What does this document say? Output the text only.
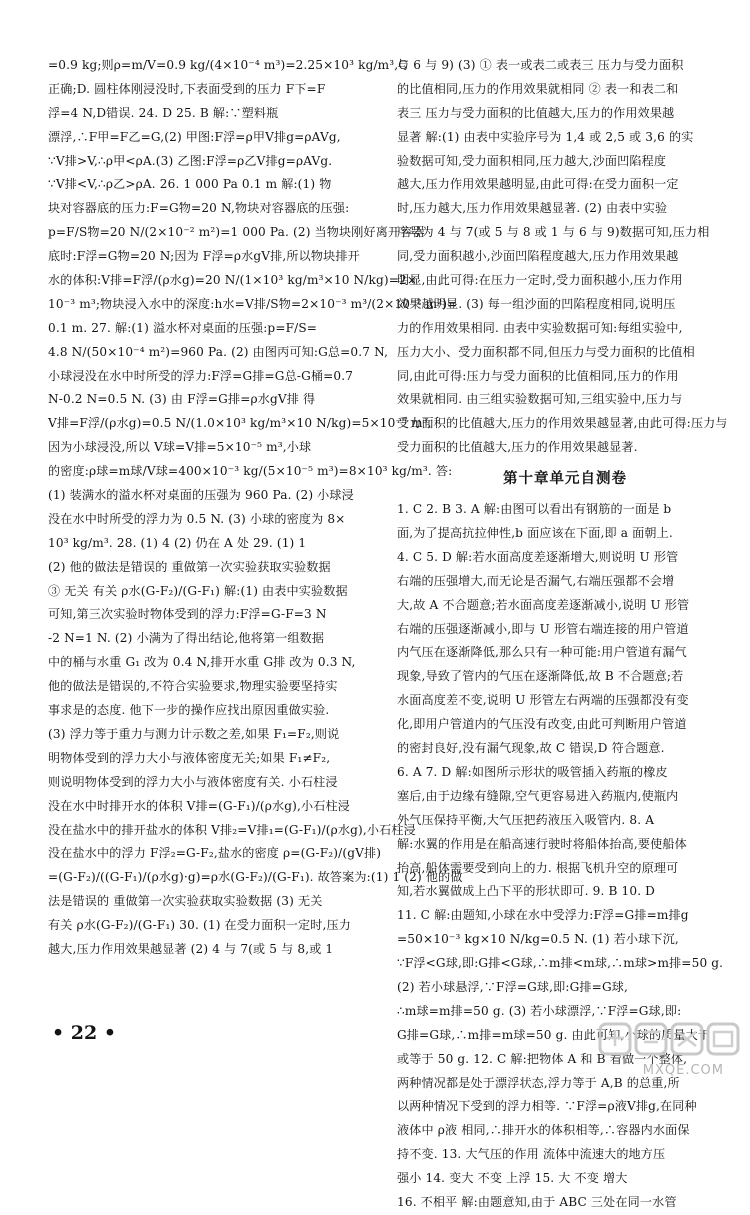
=0.9 kg;则ρ=m/V=0.9 kg/(4×10⁻⁴ m³)=2.25×10³ kg/m³,C
正确;D. 圆柱体刚浸没时,下表面受到的压力 F下=F
浮=4 N,D错误. 24. D 25. B 解:∵塑料瓶
漂浮,∴F甲=F乙=G,(2) 甲图:F浮=ρ甲V排g=ρAVg,
∵V排>V,∴ρ甲<ρA.(3) 乙图:F浮=ρ乙V排g=ρAVg.
∵V排<V,∴ρ乙>ρA. 26. 1 000 Pa 0.1 m 解:(1) 物
块对容器底的压力:F=G物=20 N,物块对容器底的压强:
p=F/S物=20 N/(2×10⁻² m²)=1 000 Pa. (2) 当物块刚好离开容器
底时:F浮=G物=20 N;因为 F浮=ρ水gV排,所以物块排开
水的体积:V排=F浮/(ρ水g)=20 N/(1×10³ kg/m³×10 N/kg)=2×
10⁻³ m³;物块浸入水中的深度:h水=V排/S物=2×10⁻³ m³/(2×10⁻² m²)=
0.1 m. 27. 解:(1) 溢水杯对桌面的压强:p=F/S=
4.8 N/(50×10⁻⁴ m²)=960 Pa. (2) 由图丙可知:G总=0.7 N,
小球浸没在水中时所受的浮力:F浮=G排=G总-G桶=0.7
N-0.2 N=0.5 N. (3) 由 F浮=G排=ρ水gV排 得
V排=F浮/(ρ水g)=0.5 N/(1.0×10³ kg/m³×10 N/kg)=5×10⁻⁵ m³,
因为小球浸没,所以 V球=V排=5×10⁻⁵ m³,小球
的密度:ρ球=m球/V球=400×10⁻³ kg/(5×10⁻⁵ m³)=8×10³ kg/m³. 答:
(1) 装满水的溢水杯对桌面的压强为 960 Pa. (2) 小球浸
没在水中时所受的浮力为 0.5 N. (3) 小球的密度为 8×
10³ kg/m³. 28. (1) 4 (2) 仍在 A 处 29. (1) 1
(2) 他的做法是错误的 重做第一次实验获取实验数据
③ 无关 有关 ρ水(G-F₂)/(G-F₁) 解:(1) 由表中实验数据
可知,第三次实验时物体受到的浮力:F浮=G-F=3 N
-2 N=1 N. (2) 小满为了得出结论,他将第一组数据
中的桶与水重 G₁ 改为 0.4 N,排开水重 G排 改为 0.3 N,
他的做法是错误的,不符合实验要求,物理实验要坚持实
事求是的态度. 他下一步的操作应找出原因重做实验.
(3) 浮力等于重力与测力计示数之差,如果 F₁=F₂,则说
明物体受到的浮力大小与液体密度无关;如果 F₁≠F₂,
则说明物体受到的浮力大小与液体密度有关. 小石柱浸
没在水中时排开水的体积 V排=(G-F₁)/(ρ水g),小石柱浸
没在盐水中的排开盐水的体积 V排₂=V排₁=(G-F₁)/(ρ水g),小石柱浸
没在盐水中的浮力 F浮₂=G-F₂,盐水的密度 ρ=(G-F₂)/(gV排)
=(G-F₂)/((G-F₁)/(ρ水g)·g)=ρ水(G-F₂)/(G-F₁). 故答案为:(1) 1 (2) 他的做
法是错误的 重做第一次实验获取实验数据 (3) 无关
有关 ρ水(G-F₂)/(G-F₁) 30. (1) 在受力面积一定时,压力
越大,压力作用效果越显著 (2) 4 与 7(或 5 与 8,或 1
与 6 与 9) (3) ① 表一或表二或表三 压力与受力面积
的比值相同,压力的作用效果就相同 ② 表一和表二和
表三 压力与受力面积的比值越大,压力的作用效果越
显著 解:(1) 由表中实验序号为 1,4 或 2,5 或 3,6 的实
验数据可知,受力面积相同,压力越大,沙面凹陷程度
越大,压力作用效果越明显,由此可得:在受力面积一定
时,压力越大,压力作用效果越显著. (2) 由表中实验
序号为 4 与 7(或 5 与 8 或 1 与 6 与 9)数据可知,压力相
同,受力面积越小,沙面凹陷程度越大,压力作用效果越
明显,由此可得:在压力一定时,受力面积越小,压力作用
效果越明显. (3) 每一组沙面的凹陷程度相同,说明压
力的作用效果相同. 由表中实验数据可知:每组实验中,
压力大小、受力面积都不同,但压力与受力面积的比值相
同,由此可得:压力与受力面积的比值相同,压力的作用
效果就相同. 由三组实验数据可知,三组实验中,压力与
受力面积的比值越大,压力的作用效果越显著,由此可得:压力与
受力面积的比值越大,压力的作用效果越显著.
第十章单元自测卷
1. C 2. B 3. A 解:由图可以看出有钢筋的一面是 b
面,为了提高抗拉伸性,b 面应该在下面,即 a 面朝上.
4. C 5. D 解:若水面高度差逐渐增大,则说明 U 形管
右端的压强增大,而无论是否漏气,右端压强都不会增
大,故 A 不合题意;若水面高度差逐渐减小,说明 U 形管
右端的压强逐渐减小,即与 U 形管右端连接的用户管道
内气压在逐渐降低,那么只有一种可能:用户管道有漏气
现象,导致了管内的气压在逐渐降低,故 B 不合题意;若
水面高度差不变,说明 U 形管左右两端的压强都没有变
化,即用户管道内的气压没有改变,由此可判断用户管道
的密封良好,没有漏气现象,故 C 错误,D 符合题意.
6. A 7. D 解:如图所示形状的吸管插入药瓶的橡皮
塞后,由于边缘有缝隙,空气更容易进入药瓶内,使瓶内
外气压保持平衡,大气压把药液压入吸管内. 8. A
解:水翼的作用是在船高速行驶时将船体抬高,要使船体
抬高,船体需要受到向上的力. 根据飞机升空的原理可
知,若水翼做成上凸下平的形状即可. 9. B 10. D
11. C 解:由题知,小球在水中受浮力:F浮=G排=m排g
=50×10⁻³ kg×10 N/kg=0.5 N. (1) 若小球下沉,
∵F浮<G球,即:G排<G球,∴m排<m球,∴m球>m排=50 g.
(2) 若小球悬浮,∵F浮=G球,即:G排=G球,
∴m球=m排=50 g. (3) 若小球漂浮,∵F浮=G球,即:
G排=G球,∴m排=m球=50 g. 由此可知,小球的质量大于
或等于 50 g. 12. C 解:把物体 A 和 B 看做一个整体,
两种情况都是处于漂浮状态,浮力等于 A,B 的总重,所
以两种情况下受到的浮力相等. ∵F浮=ρ液V排g,在同种
液体中 ρ液 相同,∴排开水的体积相等,∴容器内水面保
持不变. 13. 大气压的作用 流体中流速大的地方压
强小 14. 变大 不变 上浮 15. 大 不变 增大
16. 不相平 解:由题意知,由于 ABC 三处在同一水管
• 22 •
MXQE.COM
